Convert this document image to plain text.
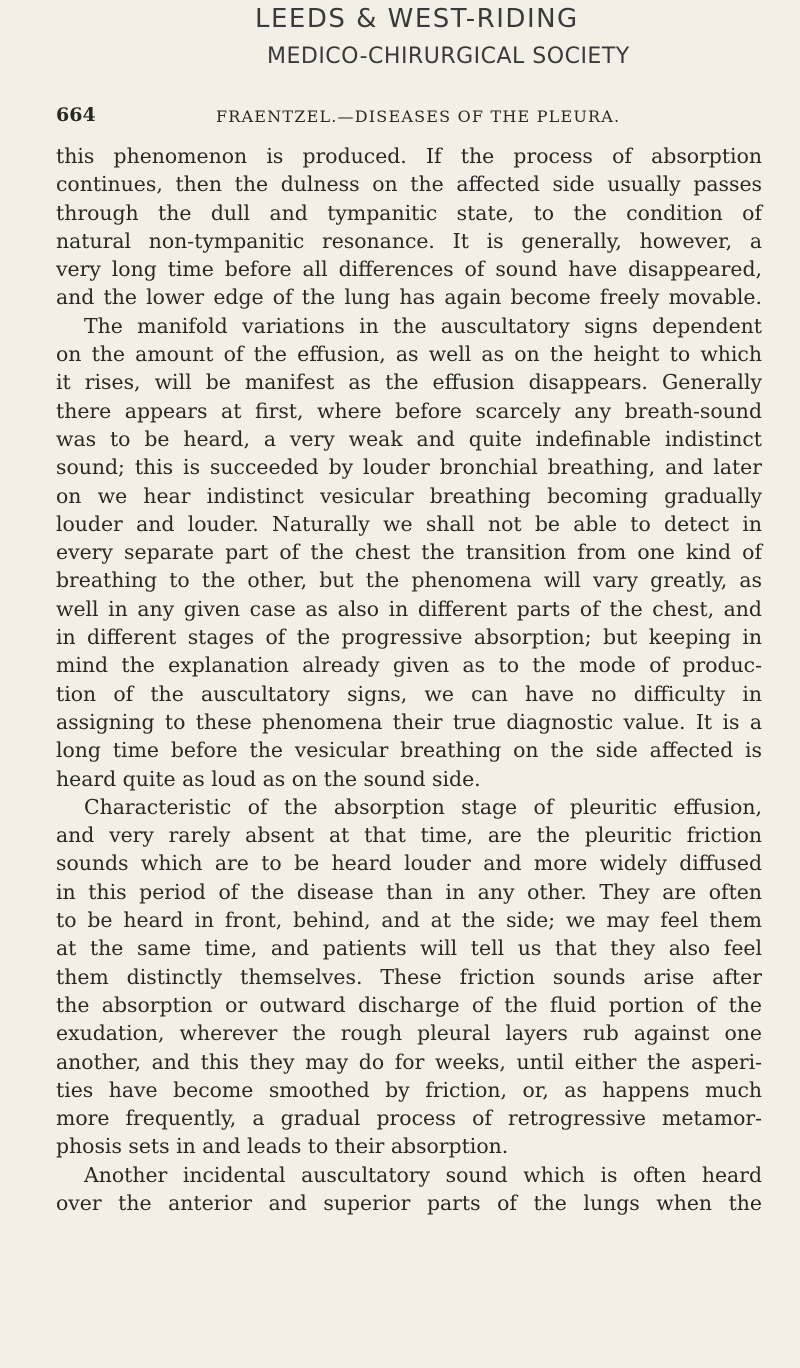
LEEDS & WEST-RIDING
MEDICO-CHIRURGICAL SOCIETY
664	FRAENTZEL.—DISEASES OF THE PLEURA.
this phenomenon is produced. If the process of absorption
continues, then the dulness on the affected side usually passes
through the dull and tympanitic state, to the condition of
natural non-tympanitic resonance. It is generally, however, a
very long time before all differences of sound have disappeared,
and the lower edge of the lung has again become freely movable.
The manifold variations in the auscultatory signs dependent
on the amount of the effusion, as well as on the height to which
it rises, will be manifest as the effusion disappears. Generally
there appears at first, where before scarcely any breath-sound
was to be heard, a very weak and quite indefinable indistinct
sound; this is succeeded by louder bronchial breathing, and later
on we hear indistinct vesicular breathing becoming gradually
louder and louder. Naturally we shall not be able to detect in
every separate part of the chest the transition from one kind of
breathing to the other, but the phenomena will vary greatly, as
well in any given case as also in different parts of the chest, and
in different stages of the progressive absorption; but keeping in
mind the explanation already given as to the mode of produc-
tion of the auscultatory signs, we can have no difficulty in
assigning to these phenomena their true diagnostic value. It is a
long time before the vesicular breathing on the side affected is
heard quite as loud as on the sound side.
Characteristic of the absorption stage of pleuritic effusion,
and very rarely absent at that time, are the pleuritic friction
sounds which are to be heard louder and more widely diffused
in this period of the disease than in any other. They are often
to be heard in front, behind, and at the side; we may feel them
at the same time, and patients will tell us that they also feel
them distinctly themselves. These friction sounds arise after
the absorption or outward discharge of the fluid portion of the
exudation, wherever the rough pleural layers rub against one
another, and this they may do for weeks, until either the asperi-
ties have become smoothed by friction, or, as happens much
more frequently, a gradual process of retrogressive metamor-
phosis sets in and leads to their absorption.
Another incidental auscultatory sound which is often heard
over the anterior and superior parts of the lungs when the
